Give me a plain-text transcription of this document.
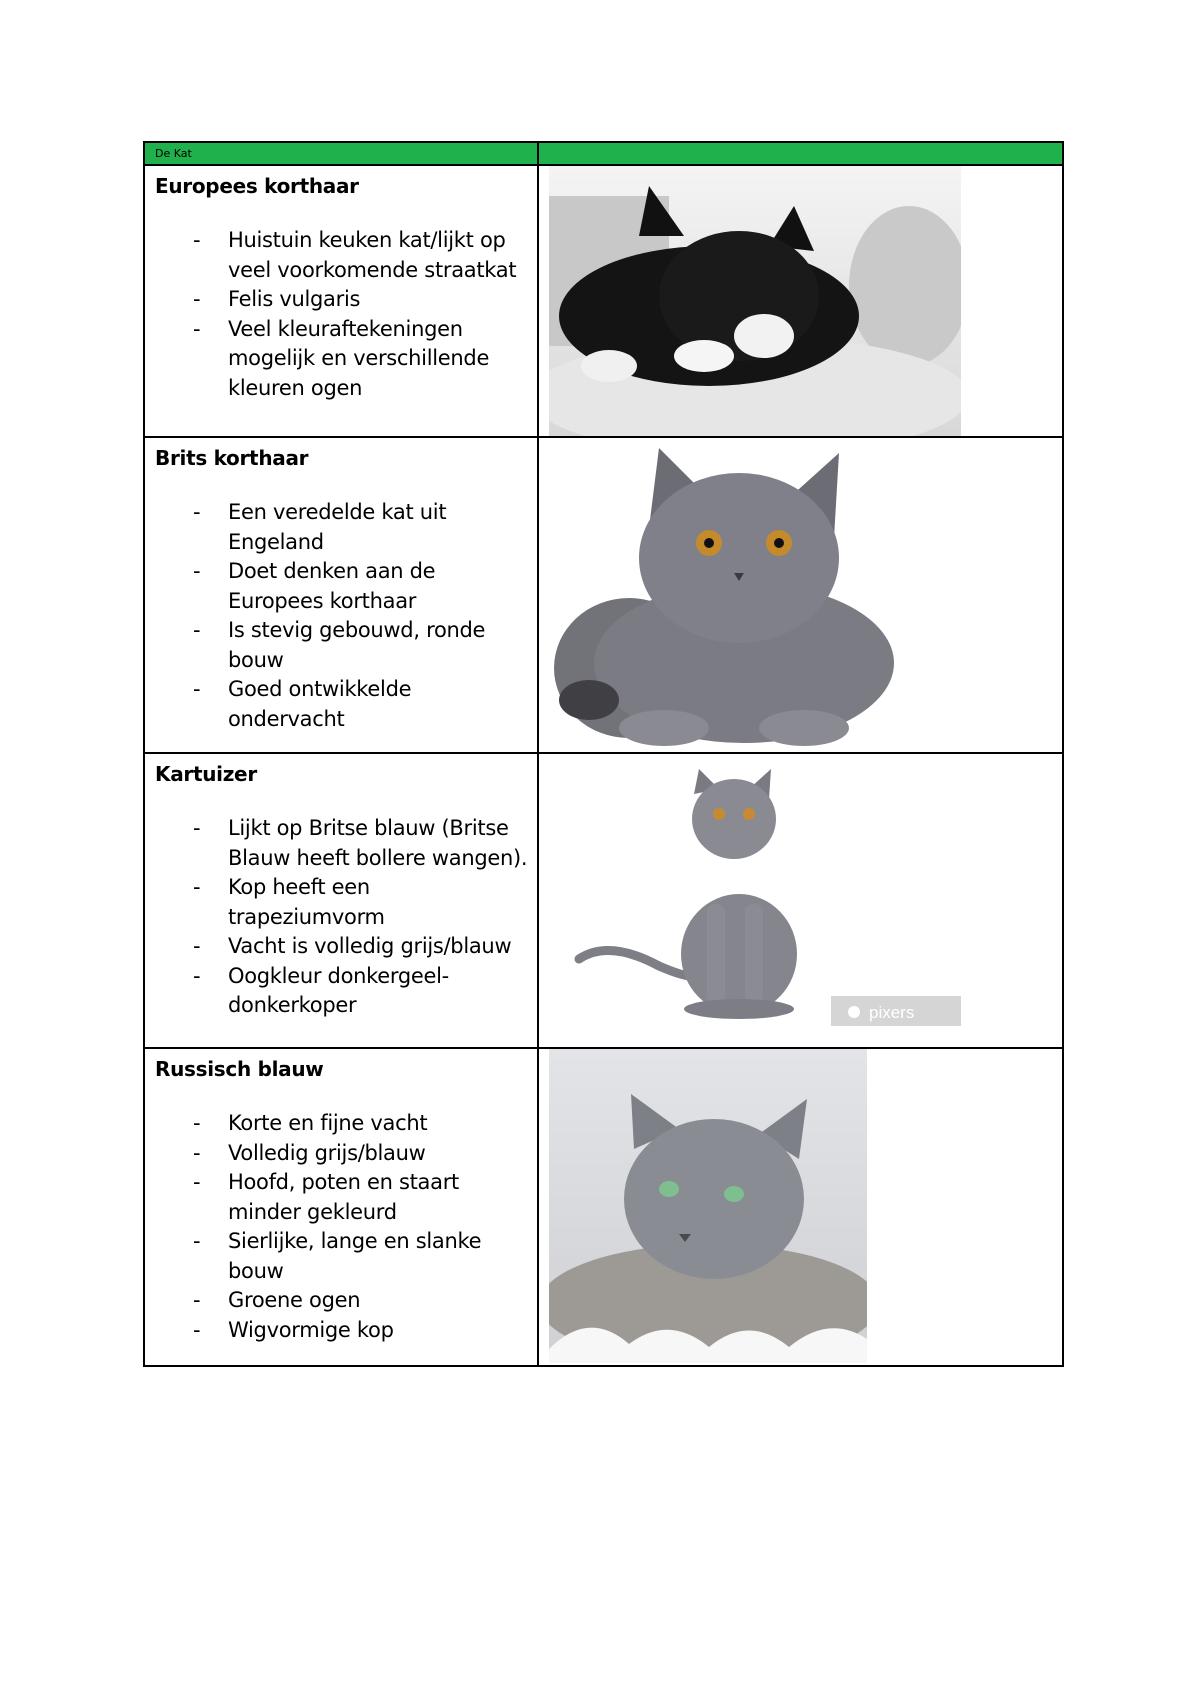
De Kat
Europees korthaar
- Huistuin keuken kat/lijkt op veel voorkomende straatkat
- Felis vulgaris
- Veel kleuraftekeningen mogelijk en verschillende kleuren ogen
Brits korthaar
- Een veredelde kat uit Engeland
- Doet denken aan de Europees korthaar
- Is stevig gebouwd, ronde bouw
- Goed ontwikkelde ondervacht
Kartuizer
- Lijkt op Britse blauw (Britse Blauw heeft bollere wangen).
- Kop heeft een trapeziumvorm
- Vacht is volledig grijs/blauw
- Oogkleur donkergeel-donkerkoper	pixers
Russisch blauw
- Korte en fijne vacht
- Volledig grijs/blauw
- Hoofd, poten en staart minder gekleurd
- Sierlijke, lange en slanke bouw
- Groene ogen
- Wigvormige kop
